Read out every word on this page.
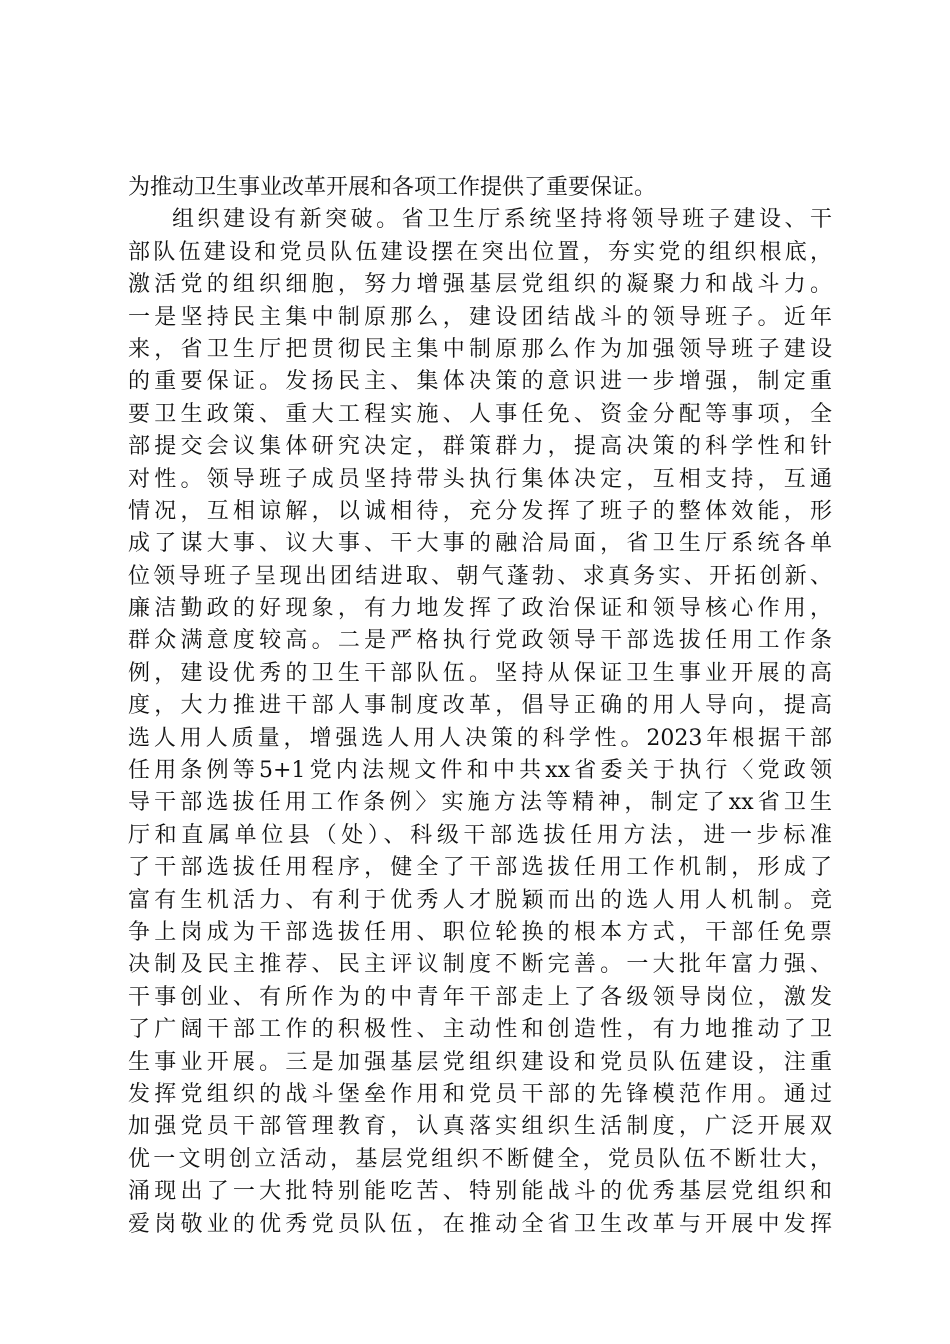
为推动卫生事业改革开展和各项工作提供了重要保证。
组织建设有新突破。省卫生厅系统坚持将领导班子建设、干
部队伍建设和党员队伍建设摆在突出位置，夯实党的组织根底，
激活党的组织细胞，努力增强基层党组织的凝聚力和战斗力。
一是坚持民主集中制原那么，建设团结战斗的领导班子。近年
来，省卫生厅把贯彻民主集中制原那么作为加强领导班子建设
的重要保证。发扬民主、集体决策的意识进一步增强，制定重
要卫生政策、重大工程实施、人事任免、资金分配等事项，全
部提交会议集体研究决定，群策群力，提高决策的科学性和针
对性。领导班子成员坚持带头执行集体决定，互相支持，互通
情况，互相谅解，以诚相待，充分发挥了班子的整体效能，形
成了谋大事、议大事、干大事的融洽局面，省卫生厅系统各单
位领导班子呈现出团结进取、朝气蓬勃、求真务实、开拓创新、
廉洁勤政的好现象，有力地发挥了政治保证和领导核心作用，
群众满意度较高。二是严格执行党政领导干部选拔任用工作条
例，建设优秀的卫生干部队伍。坚持从保证卫生事业开展的高
度，大力推进干部人事制度改革，倡导正确的用人导向，提高
选人用人质量，增强选人用人决策的科学性。2023年根据干部
任用条例等5+1党内法规文件和中共xx省委关于执行〈党政领
导干部选拔任用工作条例〉实施方法等精神，制定了xx省卫生
厅和直属单位县（处）、科级干部选拔任用方法，进一步标准
了干部选拔任用程序，健全了干部选拔任用工作机制，形成了
富有生机活力、有利于优秀人才脱颖而出的选人用人机制。竞
争上岗成为干部选拔任用、职位轮换的根本方式，干部任免票
决制及民主推荐、民主评议制度不断完善。一大批年富力强、
干事创业、有所作为的中青年干部走上了各级领导岗位，激发
了广阔干部工作的积极性、主动性和创造性，有力地推动了卫
生事业开展。三是加强基层党组织建设和党员队伍建设，注重
发挥党组织的战斗堡垒作用和党员干部的先锋模范作用。通过
加强党员干部管理教育，认真落实组织生活制度，广泛开展双
优一文明创立活动，基层党组织不断健全，党员队伍不断壮大，
涌现出了一大批特别能吃苦、特别能战斗的优秀基层党组织和
爱岗敬业的优秀党员队伍，在推动全省卫生改革与开展中发挥
